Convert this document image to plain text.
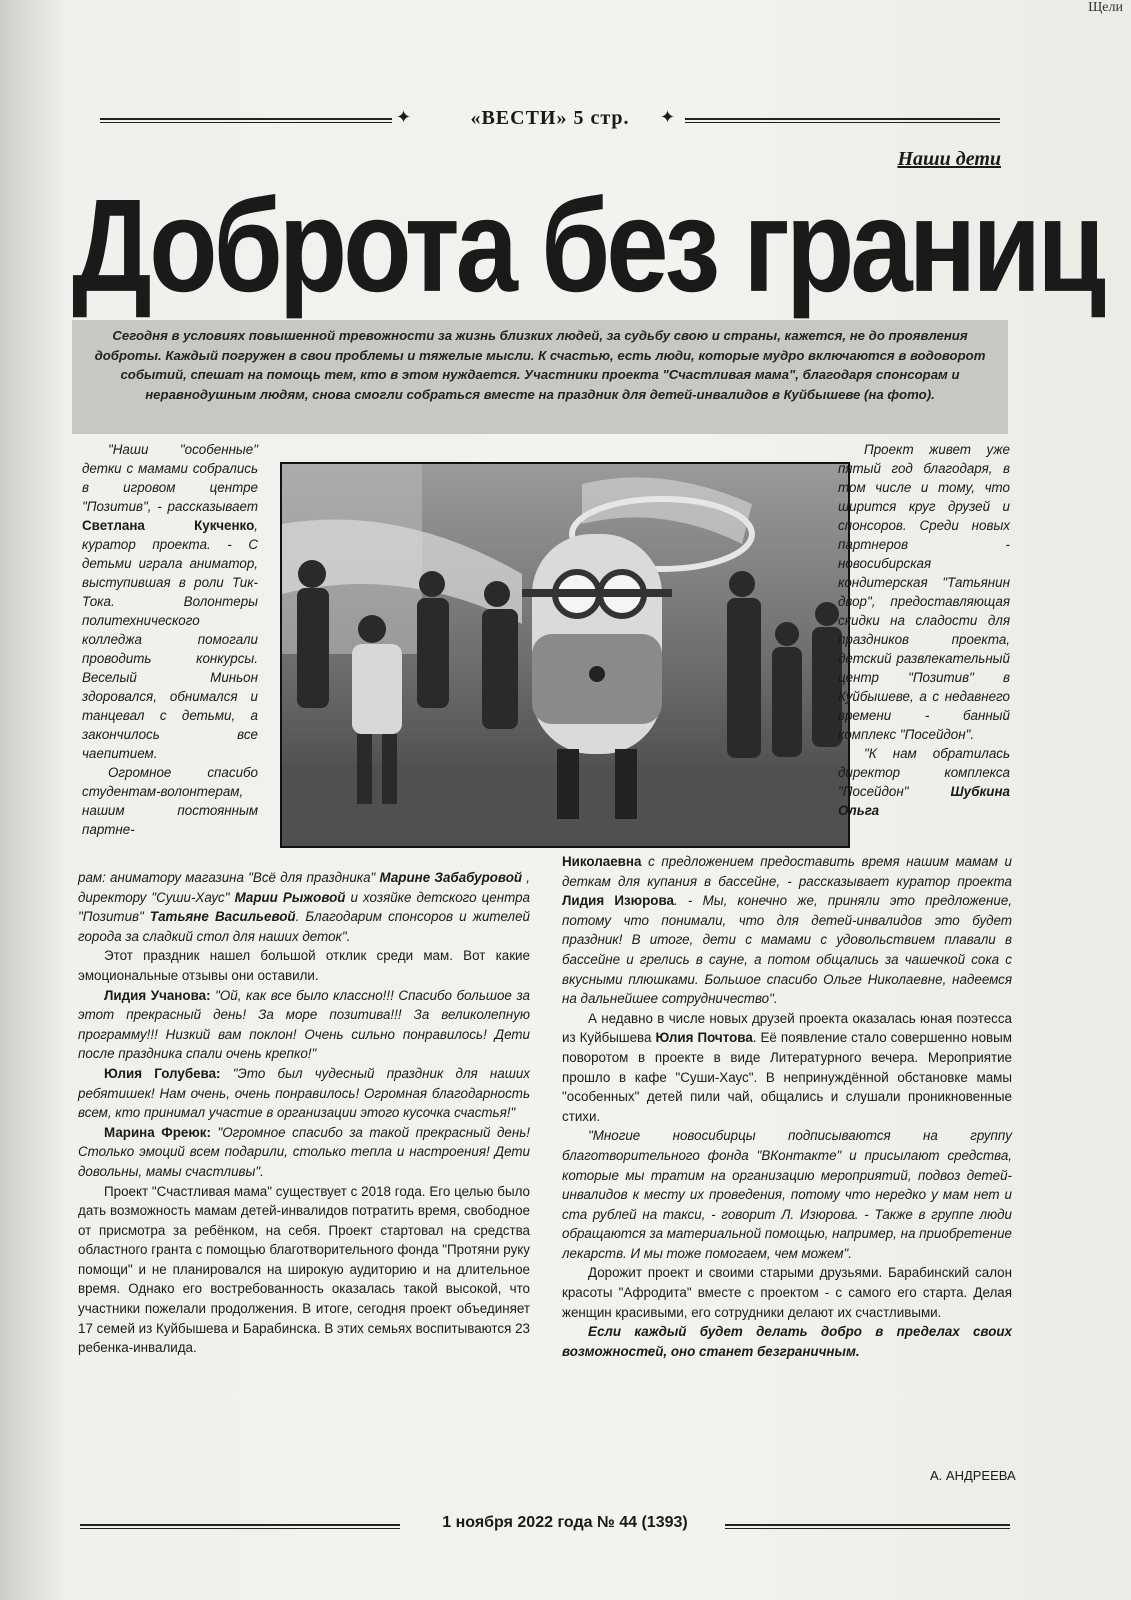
Щели
✦	«ВЕСТИ» 5 стр.	✦
Наши дети
Доброта без границ
Сегодня в условиях повышенной тревожности за жизнь близких людей, за судьбу свою и страны, кажется, не до проявления доброты. Каждый погружен в свои проблемы и тяжелые мысли. К счастью, есть люди, которые мудро включаются в водоворот событий, спешат на помощь тем, кто в этом нуждается. Участники проекта "Счастливая мама", благодаря спонсорам и неравнодушным людям, снова смогли собраться вместе на праздник для детей-инвалидов в Куйбышеве (на фото).

"Наши "особенные" детки с мамами собрались в игровом центре "Позитив", - рассказывает Светлана Кукченко, куратор проекта. - С детьми играла аниматор, выступившая в роли Тик-Тока. Волонтеры политехнического колледжа помогали проводить конкурсы. Веселый Миньон здоровался, обнимался и танцевал с детьми, а закончилось все чаепитием.

Огромное спасибо студентам-волонтерам, нашим постоянным партне-

Проект живет уже пятый год благодаря, в том числе и тому, что ширится круг друзей и спонсоров. Среди новых партнеров - новосибирская кондитерская "Татьянин двор", предоставляющая скидки на сладости для праздников проекта, детский развлекательный центр "Позитив" в Куйбышеве, а с недавнего времени - банный комплекс "Посейдон".

"К нам обратилась директор комплекса "Посейдон" Шубкина Ольга

рам: аниматору магазина "Всё для праздника" Марине Забабуровой , директору "Суши-Хаус" Марии Рыжовой и хозяйке детского центра "Позитив" Татьяне Васильевой. Благодарим спонсоров и жителей города за сладкий стол для наших деток".

Этот праздник нашел большой отклик среди мам. Вот какие эмоциональные отзывы они оставили.

Лидия Учанова: "Ой, как все было классно!!! Спасибо большое за этот прекрасный день! За море позитива!!! За великолепную программу!!! Низкий вам поклон! Очень сильно понравилось! Дети после праздника спали очень крепко!"

Юлия Голубева: "Это был чудесный праздник для наших ребятишек! Нам очень, очень понравилось! Огромная благодарность всем, кто принимал участие в организации этого кусочка счастья!"

Марина Фреюк: "Огромное спасибо за такой прекрасный день! Столько эмоций всем подарили, столько тепла и настроения! Дети довольны, мамы счастливы".

Проект "Счастливая мама" существует с 2018 года. Его целью было дать возможность мамам детей-инвалидов потратить время, свободное от присмотра за ребёнком, на себя. Проект стартовал на средства областного гранта с помощью благотворительного фонда "Протяни руку помощи" и не планировался на широкую аудиторию и на длительное время. Однако его востребованность оказалась такой высокой, что участники пожелали продолжения. В итоге, сегодня проект объединяет 17 семей из Куйбышева и Барабинска. В этих семьях воспитываются 23 ребенка-инвалида.

Николаевна с предложением предоставить время нашим мамам и деткам для купания в бассейне, - рассказывает куратор проекта Лидия Изюрова. - Мы, конечно же, приняли это предложение, потому что понимали, что для детей-инвалидов это будет праздник! В итоге, дети с мамами с удовольствием плавали в бассейне и грелись в сауне, а потом общались за чашечкой сока с вкусными плюшками. Большое спасибо Ольге Николаевне, надеемся на дальнейшее сотрудничество".

А недавно в числе новых друзей проекта оказалась юная поэтесса из Куйбышева Юлия Почтова. Её появление стало совершенно новым поворотом в проекте в виде Литературного вечера. Мероприятие прошло в кафе "Суши-Хаус". В непринуждённой обстановке мамы "особенных" детей пили чай, общались и слушали проникновенные стихи.

"Многие новосибирцы подписываются на группу благотворительного фонда "ВКонтакте" и присылают средства, которые мы тратим на организацию мероприятий, подвоз детей-инвалидов к месту их проведения, потому что нередко у мам нет и ста рублей на такси, - говорит Л. Изюрова. - Также в группе люди обращаются за материальной помощью, например, на приобретение лекарств. И мы тоже помогаем, чем можем".

Дорожит проект и своими старыми друзьями. Барабинский салон красоты "Афродита" вместе с проектом - с самого его старта. Делая женщин красивыми, его сотрудники делают их счастливыми.

Если каждый будет делать добро в пределах своих возможностей, оно станет безграничным.

А. АНДРЕЕВА
1 ноября 2022 года № 44 (1393)
